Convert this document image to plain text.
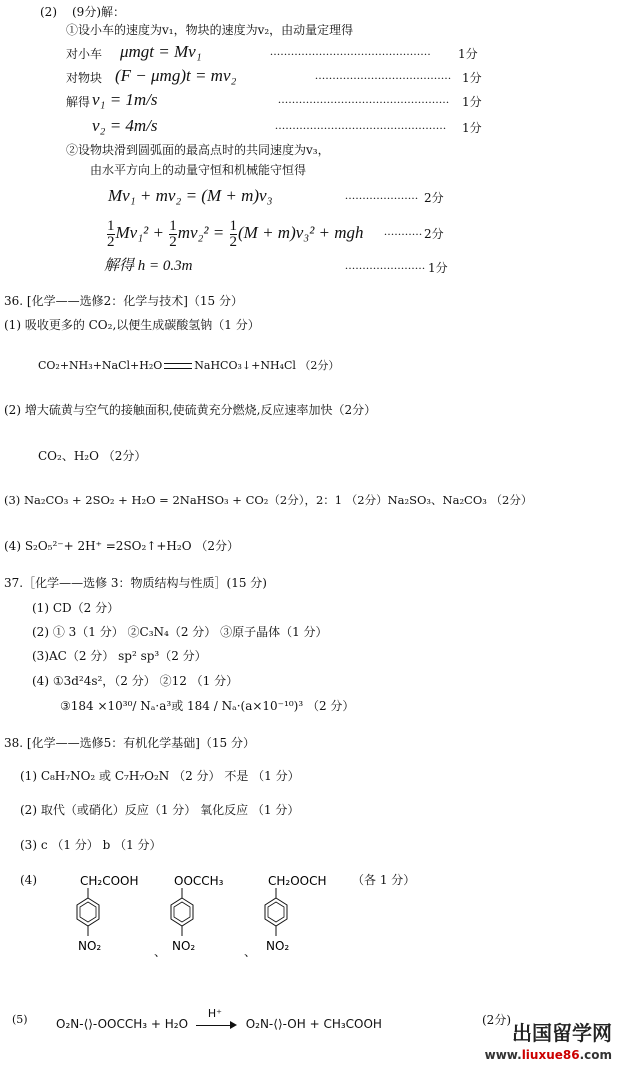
(2) (9分)解：
①设小车的速度为v₁，物块的速度为v₂，由动量定理得
对小车 μmgt = Mv₁	.............................................. 1分
对物块 (F − μmg)t = mv₂	....................................... 1分
解得 v₁ = 1m/s	................................................. 1分
v₂ = 4m/s	................................................. 1分
②设物块滑到圆弧面的最高点时的共同速度为v₃，
由水平方向上的动量守恒和机械能守恒得
Mv₁ + mv₂ = (M + m)v₃	..................... 2分
$\frac{1}{2} Mv_1^2 + \frac{1}{2} mv_2^2 = \frac{1}{2} (M + m)v_3^2$ + mgh ........... 2分
解得 h = 0.3m	....................... 1分
36. [化学——选修2：化学与技术]（15 分）
(1) 吸收更多的 CO₂,以便生成碳酸氢钠（1 分）
CO₂+NH₃+NaCl+H₂O	NaHCO₃↓+NH₄Cl （2分）
(2) 增大硫黄与空气的接触面积,使硫黄充分燃烧,反应速率加快（2分）
CO₂、H₂O （2分）
(3) Na₂CO₃ + 2SO₂ + H₂O = 2NaHSO₃ + CO₂（2分），2：1 （2分）Na₂SO₃、Na₂CO₃ （2分）
(4) S₂O₅²⁻+ 2H⁺ =2SO₂↑+H₂O （2分）
37.［化学——选修 3：物质结构与性质］(15 分)
(1) CD（2 分）
(2) ① 3（1 分） ②C₃N₄（2 分） ③原子晶体（1 分）
(3)AC（2 分） sp² sp³（2 分）
(4) ①3d²4s²，（2 分） ②12 （1 分）
③184 ×10³⁰/ Nₐ·a³或 184 / Nₐ·(a×10⁻¹⁰)³ （2 分）
38. [化学——选修5：有机化学基础]（15 分）
(1) C₈H₇NO₂ 或 C₇H₇O₂N （2 分） 不是 （1 分）
(2) 取代（或硝化）反应（1 分） 氧化反应 （1 分）
(3) c （1 分） b （1 分）
(4)	（各 1 分）
CH₂COOH
NO₂	、
OOCCH₃
NO₂	、
CH₂OOCH
NO₂
(5) O₂N-⟨⟩-OOCCH₃ + H₂O
H⁺
O₂N-⟨⟩-OH + CH₃COOH	(2分)
出国留学网
www.liuxue86.com
